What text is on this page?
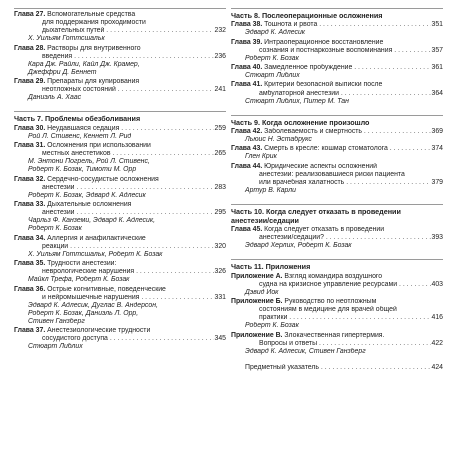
Глава 27. Вспомогательные средства
для поддержания проходимости
дыхательных путей . . .	232
Х. Уильям Готтсшальк
Глава 28. Растворы для внутривенного
введения . . .	236
Кара Дж. Райли, Кайл Дж. Крамер,
Джеффри Д. Беннет
Глава 29. Препараты для купирования
неотложных состояний . . .	241
Даниэль А. Хаас
Часть 7. Проблемы обезболивания
Глава 30. Неудавшаяся седация . . .	259
Рой Л. Стивенс, Кеннет Л. Рид
Глава 31. Осложнения при использовании
местных анестетиков . . .	265
М. Энтони Погрель, Рой Л. Стивенс,
Роберт К. Бозак, Тимоти М. Орр
Глава 32. Сердечно-сосудистые осложнения
анестезии . . .	283
Роберт К. Бозак, Эдвард К. Адлесик
Глава 33. Дыхательные осложнения
анестезии . . .	295
Чарльз Ф. Канземи, Эдвард К. Адлесик,
Роберт К. Бозак
Глава 34. Аллергия и анафилактические
реакции . . .	320
Х. Уильям Готтсшальк, Роберт К. Бозак
Глава 35. Трудности анестезии:
неврологические нарушения . . .	326
Майкл Трефа, Роберт К. Бозак
Глава 36. Острые когнитивные, поведенческие
и нейромышечные нарушения . . .	331
Эдвард К. Адлесик, Дуглас В. Андерсон,
Роберт К. Бозак, Даниэль Л. Орр,
Стивен Ганзберг
Глава 37. Анестезиологические трудности
сосудистого доступа . . .	345
Стюарт Либлих
Часть 8. Послеоперационные осложнения
Глава 38. Тошнота и рвота . . .	351
Эдвард К. Адлесик
Глава 39. Интраоперационное восстановление
сознания и постнаркозные воспоминания . . .	357
Роберт К. Бозак
Глава 40. Замедленное пробуждение . . .	361
Стюарт Либлих
Глава 41. Критерии безопасной выписки после
амбулаторной анестезии . . .	364
Стюарт Либлих, Питер М. Тан
Часть 9. Когда осложнение произошло
Глава 42. Заболеваемость и смертность . . .	369
Льюис Н. Эстабрукс
Глава 43. Смерть в кресле: кошмар стоматолога . . .	374
Глен Крик
Глава 44. Юридические аспекты осложнений
анестезии: реализовавшиеся риски пациента
или врачебная халатность . . .	379
Артур В. Карли
Часть 10. Когда следует отказать в проведении
анестезии/седации
Глава 45. Когда следует отказать в проведении
анестезии/седации? . . .	393
Эдвард Херлих, Роберт К. Бозак
Часть 11. Приложения
Приложение А. Взгляд командира воздушного
судна на кризисное управление ресурсами . . .	403
Дэвид Йок
Приложение Б. Руководство по неотложным
состояниям в медицине для врачей общей
практики . . .	416
Роберт К. Бозак
Приложение В. Злокачественная гипертермия.
Вопросы и ответы . . .	422
Эдвард К. Адлесик, Стивен Ганзберг
Предметный указатель . . .	424
